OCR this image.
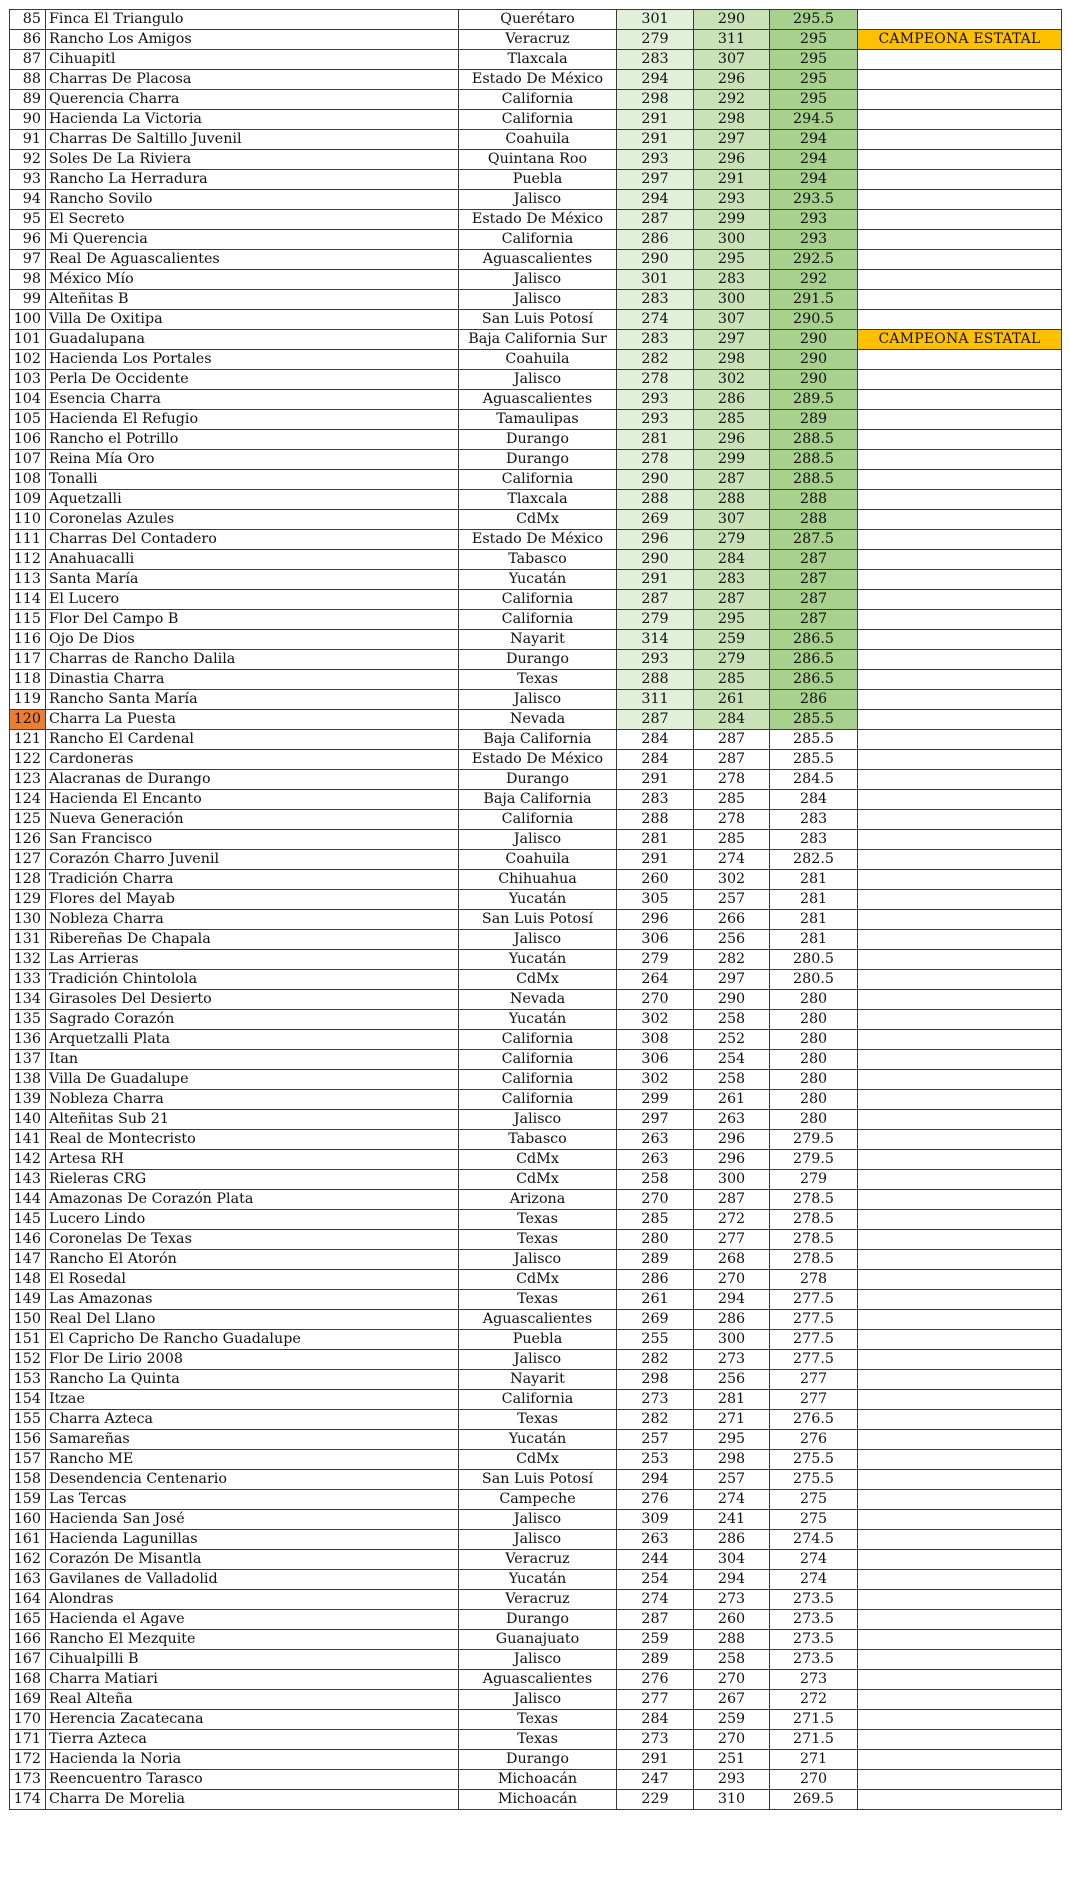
85	Finca El Triangulo	Querétaro	301	290	295.5	
86	Rancho Los Amigos	Veracruz	279	311	295	CAMPEONA ESTATAL
87	Cihuapitl	Tlaxcala	283	307	295	
88	Charras De Placosa	Estado De México	294	296	295	
89	Querencia Charra	California	298	292	295	
90	Hacienda La Victoria	California	291	298	294.5	
91	Charras De Saltillo Juvenil	Coahuila	291	297	294	
92	Soles De La Riviera	Quintana Roo	293	296	294	
93	Rancho La Herradura	Puebla	297	291	294	
94	Rancho Sovilo	Jalisco	294	293	293.5	
95	El Secreto	Estado De México	287	299	293	
96	Mi Querencia	California	286	300	293	
97	Real De Aguascalientes	Aguascalientes	290	295	292.5	
98	México Mío	Jalisco	301	283	292	
99	Alteñitas B	Jalisco	283	300	291.5	
100	Villa De Oxitipa	San Luis Potosí	274	307	290.5	
101	Guadalupana	Baja California Sur	283	297	290	CAMPEONA ESTATAL
102	Hacienda Los Portales	Coahuila	282	298	290	
103	Perla De Occidente	Jalisco	278	302	290	
104	Esencia Charra	Aguascalientes	293	286	289.5	
105	Hacienda El Refugio	Tamaulipas	293	285	289	
106	Rancho el Potrillo	Durango	281	296	288.5	
107	Reina Mía Oro	Durango	278	299	288.5	
108	Tonalli	California	290	287	288.5	
109	Aquetzalli	Tlaxcala	288	288	288	
110	Coronelas Azules	CdMx	269	307	288	
111	Charras Del Contadero	Estado De México	296	279	287.5	
112	Anahuacalli	Tabasco	290	284	287	
113	Santa María	Yucatán	291	283	287	
114	El Lucero	California	287	287	287	
115	Flor Del Campo B	California	279	295	287	
116	Ojo De Dios	Nayarit	314	259	286.5	
117	Charras de Rancho Dalila	Durango	293	279	286.5	
118	Dinastia Charra	Texas	288	285	286.5	
119	Rancho Santa María	Jalisco	311	261	286	
120	Charra La Puesta	Nevada	287	284	285.5	
121	Rancho El Cardenal	Baja California	284	287	285.5	
122	Cardoneras	Estado De México	284	287	285.5	
123	Alacranas de Durango	Durango	291	278	284.5	
124	Hacienda El Encanto	Baja California	283	285	284	
125	Nueva Generación	California	288	278	283	
126	San Francisco	Jalisco	281	285	283	
127	Corazón Charro Juvenil	Coahuila	291	274	282.5	
128	Tradición Charra	Chihuahua	260	302	281	
129	Flores del Mayab	Yucatán	305	257	281	
130	Nobleza Charra	San Luis Potosí	296	266	281	
131	Ribereñas De Chapala	Jalisco	306	256	281	
132	Las Arrieras	Yucatán	279	282	280.5	
133	Tradición Chintolola	CdMx	264	297	280.5	
134	Girasoles Del Desierto	Nevada	270	290	280	
135	Sagrado Corazón	Yucatán	302	258	280	
136	Arquetzalli Plata	California	308	252	280	
137	Itan	California	306	254	280	
138	Villa De Guadalupe	California	302	258	280	
139	Nobleza Charra	California	299	261	280	
140	Alteñitas Sub 21	Jalisco	297	263	280	
141	Real de Montecristo	Tabasco	263	296	279.5	
142	Artesa RH	CdMx	263	296	279.5	
143	Rieleras CRG	CdMx	258	300	279	
144	Amazonas De Corazón Plata	Arizona	270	287	278.5	
145	Lucero Lindo	Texas	285	272	278.5	
146	Coronelas De Texas	Texas	280	277	278.5	
147	Rancho El Atorón	Jalisco	289	268	278.5	
148	El Rosedal	CdMx	286	270	278	
149	Las Amazonas	Texas	261	294	277.5	
150	Real Del Llano	Aguascalientes	269	286	277.5	
151	El Capricho De Rancho Guadalupe	Puebla	255	300	277.5	
152	Flor De Lirio 2008	Jalisco	282	273	277.5	
153	Rancho La Quinta	Nayarit	298	256	277	
154	Itzae	California	273	281	277	
155	Charra Azteca	Texas	282	271	276.5	
156	Samareñas	Yucatán	257	295	276	
157	Rancho ME	CdMx	253	298	275.5	
158	Desendencia Centenario	San Luis Potosí	294	257	275.5	
159	Las Tercas	Campeche	276	274	275	
160	Hacienda San José	Jalisco	309	241	275	
161	Hacienda Lagunillas	Jalisco	263	286	274.5	
162	Corazón De Misantla	Veracruz	244	304	274	
163	Gavilanes de Valladolid	Yucatán	254	294	274	
164	Alondras	Veracruz	274	273	273.5	
165	Hacienda el Agave	Durango	287	260	273.5	
166	Rancho El Mezquite	Guanajuato	259	288	273.5	
167	Cihualpilli B	Jalisco	289	258	273.5	
168	Charra Matiari	Aguascalientes	276	270	273	
169	Real Alteña	Jalisco	277	267	272	
170	Herencia Zacatecana	Texas	284	259	271.5	
171	Tierra Azteca	Texas	273	270	271.5	
172	Hacienda la Noria	Durango	291	251	271	
173	Reencuentro Tarasco	Michoacán	247	293	270	
174	Charra De Morelia	Michoacán	229	310	269.5	
